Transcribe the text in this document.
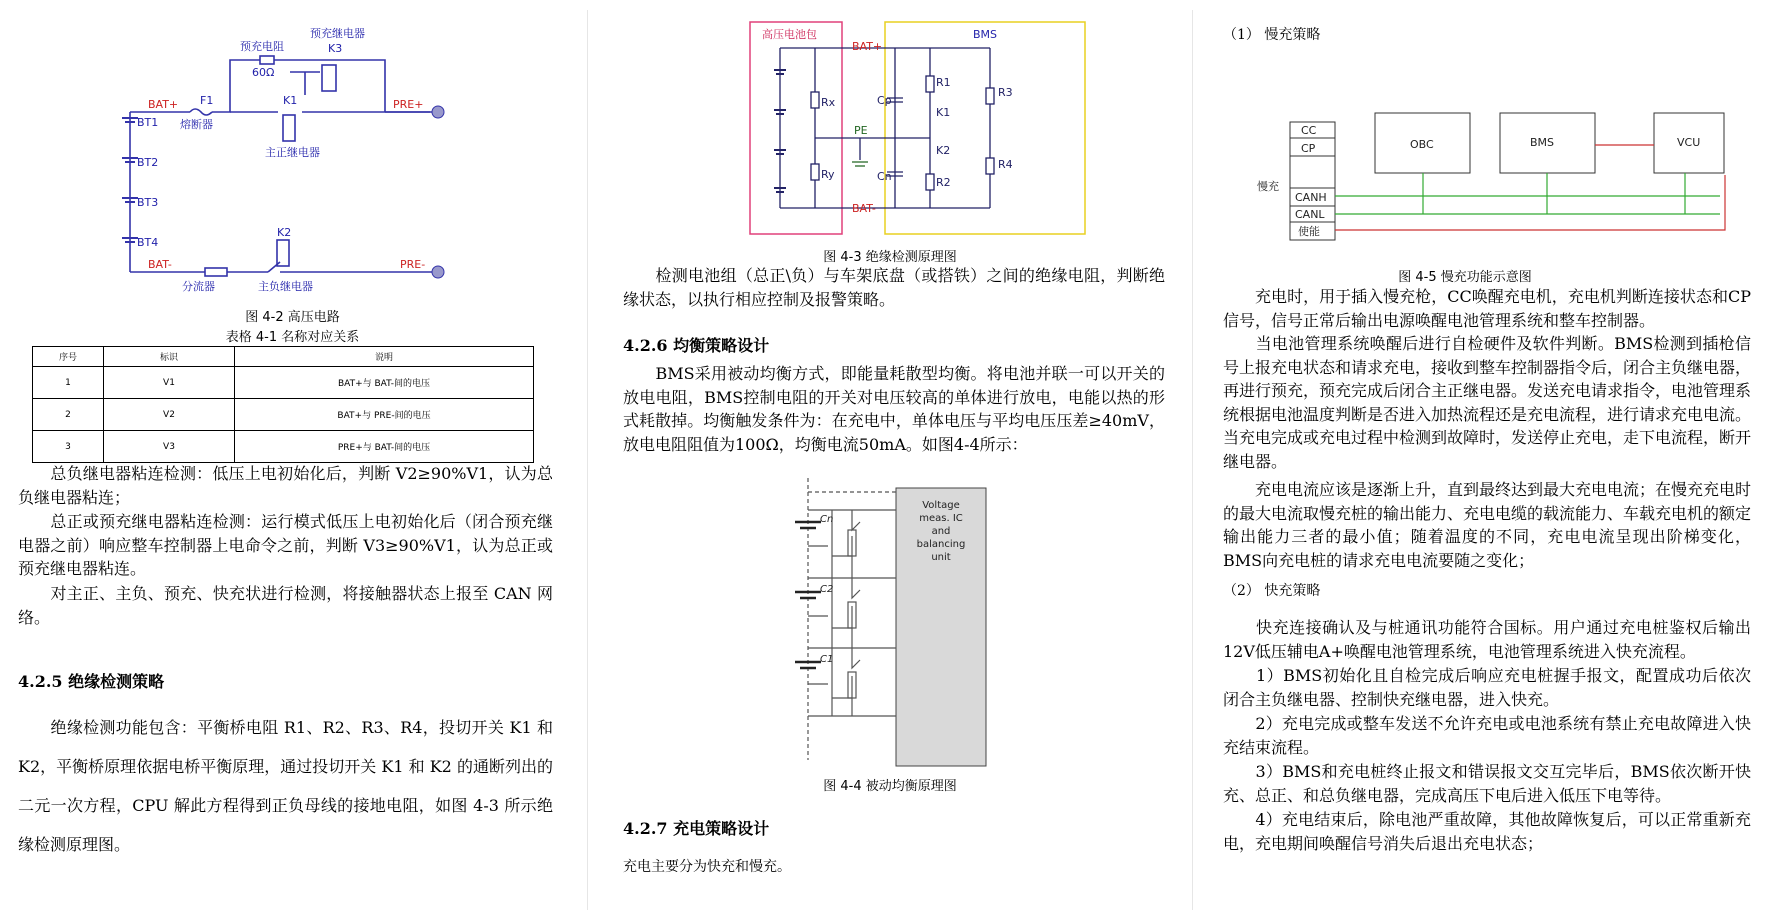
预充电阻
预充继电器
K3
60Ω
K1
主正继电器
F1
熔断器
BT1
BT2
BT3
BT4
K2
分流器	主负继电器
BAT+	PRE+
BAT-	PRE-
图 4-2 高压电路
表格 4-1 名称对应关系
序号	标识	说明
1	V1	BAT+与 BAT-间的电压
2	V2	BAT+与 PRE-间的电压
3	V3	PRE+与 BAT-间的电压
　　总负继电器粘连检测：低压上电初始化后，判断 V2≥90%V1，认为总负继电器粘连；
　　总正或预充继电器粘连检测：运行模式低压上电初始化后（闭合预充继电器之前）响应整车控制器上电命令之前，判断 V3≥90%V1，认为总正或预充继电器粘连。
　　对主正、主负、预充、快充状进行检测，将接触器状态上报至 CAN 网络。
4.2.5 绝缘检测策略
　　绝缘检测功能包含：平衡桥电阻 R1、R2、R3、R4，投切开关 K1 和 K2，平衡桥原理依据电桥平衡原理，通过投切开关 K1 和 K2 的通断列出的二元一次方程，CPU 解此方程得到正负母线的接地电阻，如图 4-3 所示绝缘检测原理图。
高压电池包	BMS
BAT+
BAT-
Rx
Ry
PE
Cp
Cn
R1
K1
K2
R2
R3
R4
图 4-3 绝缘检测原理图
　　检测电池组（总正\负）与车架底盘（或搭铁）之间的绝缘电阻，判断绝缘状态，以执行相应控制及报警策略。
4.2.6 均衡策略设计
　　BMS采用被动均衡方式，即能量耗散型均衡。将电池并联一可以开关的放电电阻，BMS控制电阻的开关对电压较高的单体进行放电，电能以热的形式耗散掉。均衡触发条件为：在充电中，单体电压与平均电压压差≥40mV，放电电阻阻值为100Ω，均衡电流50mA。如图4-4所示：
Cn
C2
C1
Voltage
meas. IC
and
balancing
unit
图 4-4 被动均衡原理图
4.2.7 充电策略设计
充电主要分为快充和慢充。
（1） 慢充策略
CC
CP
慢充
CANH
CANL
使能
OBC	BMS	VCU
图 4-5 慢充功能示意图
　　充电时，用于插入慢充枪，CC唤醒充电机，充电机判断连接状态和CP信号，信号正常后输出电源唤醒电池管理系统和整车控制器。
　　当电池管理系统唤醒后进行自检硬件及软件判断。BMS检测到插枪信号上报充电状态和请求充电，接收到整车控制器指令后，闭合主负继电器，再进行预充，预充完成后闭合主正继电器。发送充电请求指令，电池管理系统根据电池温度判断是否进入加热流程还是充电流程，进行请求充电电流。当充电完成或充电过程中检测到故障时，发送停止充电，走下电流程，断开继电器。
　　充电电流应该是逐渐上升，直到最终达到最大充电电流；在慢充充电时的最大电流取慢充桩的输出能力、充电电缆的载流能力、车载充电机的额定输出能力三者的最小值；随着温度的不同，充电电流呈现出阶梯变化，BMS向充电桩的请求充电电流要随之变化；
（2） 快充策略
　　快充连接确认及与桩通讯功能符合国标。用户通过充电桩鉴权后输出12V低压辅电A+唤醒电池管理系统，电池管理系统进入快充流程。
　　1）BMS初始化且自检完成后响应充电桩握手报文，配置成功后依次闭合主负继电器、控制快充继电器，进入快充。
　　2）充电完成或整车发送不允许充电或电池系统有禁止充电故障进入快充结束流程。
　　3）BMS和充电桩终止报文和错误报文交互完毕后，BMS依次断开快充、总正、和总负继电器，完成高压下电后进入低压下电等待。
　　4）充电结束后，除电池严重故障，其他故障恢复后，可以正常重新充电，充电期间唤醒信号消失后退出充电状态；
